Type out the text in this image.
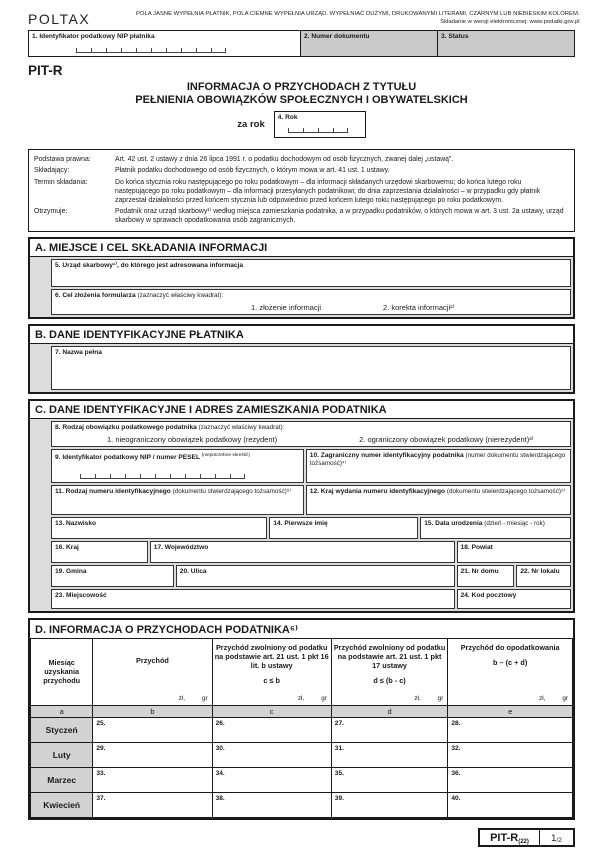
POLTAX	POLA JASNE WYPEŁNIA PŁATNIK, POLA CIEMNE WYPEŁNIA URZĄD. WYPEŁNIAĆ DUŻYMI, DRUKOWANYMI LITERAMI, CZARNYM LUB NIEBIESKIM KOLOREM.
Składanie w wersji elektronicznej: www.podatki.gov.pl
1. Identyfikator podatkowy NIP płatnika	2. Numer dokumentu	3. Status
PIT-R
INFORMACJA O PRZYCHODACH Z TYTUŁU
PEŁNIENIA OBOWIĄZKÓW SPOŁECZNYCH I OBYWATELSKICH
za rok
4. Rok
Podstawa prawna:	Art. 42 ust. 2 ustawy z dnia 26 lipca 1991 r. o podatku dochodowym od osób fizycznych, zwanej dalej „ustawą”.
Składający:	Płatnik podatku dochodowego od osób fizycznych, o którym mowa w art. 41 ust. 1 ustawy.
Termin składania:	Do końca stycznia roku następującego po roku podatkowym – dla informacji składanych urzędowi skarbowemu; do końca lutego roku następującego po roku podatkowym – dla informacji przesyłanych podatnikowi; do dnia zaprzestania działalności – w przypadku gdy płatnik zaprzestał działalności przed końcem stycznia lub odpowiednio przed końcem lutego roku następującego po roku podatkowym.
Otrzymuje:	Podatnik oraz urząd skarbowy¹⁾ według miejsca zamieszkania podatnika, a w przypadku podatników, o których mowa w art. 3 ust. 2a ustawy, urząd skarbowy w sprawach opodatkowania osób zagranicznych.
A. MIEJSCE I CEL SKŁADANIA INFORMACJI
5. Urząd skarbowy¹⁾, do którego jest adresowana informacja
6. Cel złożenia formularza (zaznaczyć właściwy kwadrat):
1. złożenie informacji	2. korekta informacji²⁾
B. DANE IDENTYFIKACYJNE PŁATNIKA
7. Nazwa pełna
C. DANE IDENTYFIKACYJNE I ADRES ZAMIESZKANIA PODATNIKA
8. Rodzaj obowiązku podatkowego podatnika (zaznaczyć właściwy kwadrat):
1. nieograniczony obowiązek podatkowy (rezydent)	2. ograniczony obowiązek podatkowy (nierezydent)³⁾
9. Identyfikator podatkowy NIP / numer PESEL $^{(niepotrzebne skreślić)}$	10. Zagraniczny numer identyfikacyjny podatnika (numer dokumentu stwierdzającego tożsamość)⁴⁾
11. Rodzaj numeru identyfikacyjnego (dokumentu stwierdzającego tożsamość)⁵⁾	12. Kraj wydania numeru identyfikacyjnego (dokumentu stwierdzającego tożsamość)⁵⁾
13. Nazwisko	14. Pierwsze imię	15. Data urodzenia (dzień - miesiąc - rok)
16. Kraj	17. Województwo	18. Powiat
19. Gmina	20. Ulica	21. Nr domu	22. Nr lokalu
23. Miejscowość	24. Kod pocztowy
D. INFORMACJA O PRZYCHODACH PODATNIKA⁶⁾
Miesiąc uzyskania przychodu

Przychód
zł,	gr

Przychód zwolniony od podatku na podstawie art. 21 ust. 1 pkt 16 lit. b ustawy
c ≤ b
zł,	gr

Przychód zwolniony od podatku na podstawie art. 21 ust. 1 pkt 17 ustawy
d ≤ (b - c)
zł,	gr

Przychód do opodatkowania
b – (c + d)
zł,	gr

a	b	c	d	e
Styczeń	25.	26.	27.	28.
Luty	29.	30.	31.	32.
Marzec	33.	34.	35.	36.
Kwiecień	37.	38.	39.	40.
PIT-R(22)	1/2
